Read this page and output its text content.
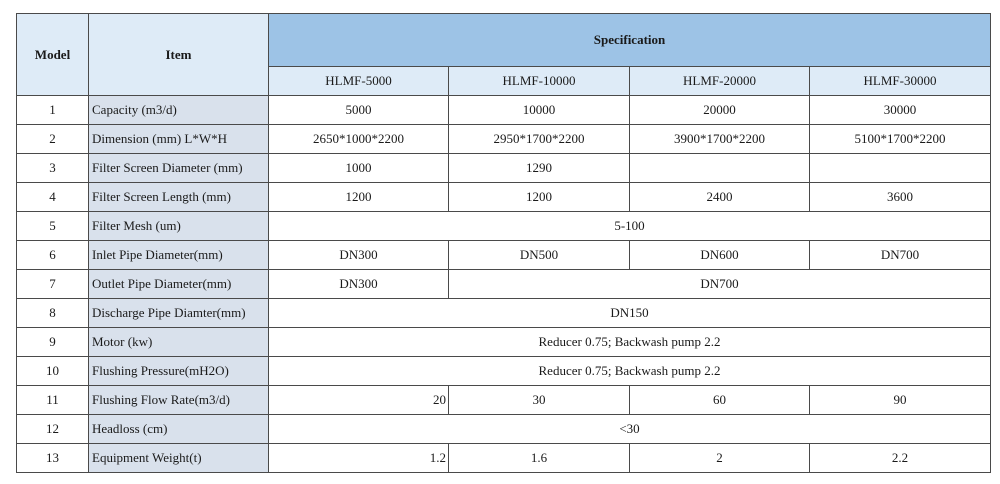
Model	Item	Specification			
		HLMF-5000	HLMF-10000	HLMF-20000	HLMF-30000
1	Capacity (m3/d)	5000	10000	20000	30000
2	Dimension (mm) L*W*H	2650*1000*2200	2950*1700*2200	3900*1700*2200	5100*1700*2200
3	Filter Screen Diameter (mm)	1000	1290		
4	Filter Screen Length (mm)	1200	1200	2400	3600
5	Filter Mesh (um)	5-100			
6	Inlet Pipe Diameter(mm)	DN300	DN500	DN600	DN700
7	Outlet Pipe Diameter(mm)	DN300	DN700		
8	Discharge Pipe Diamter(mm)	DN150			
9	Motor (kw)	Reducer 0.75; Backwash pump 2.2			
10	Flushing Pressure(mH2O)	Reducer 0.75; Backwash pump 2.2			
11	Flushing Flow Rate(m3/d)	20	30	60	90
12	Headloss (cm)	<30			
13	Equipment Weight(t)	1.2	1.6	2	2.2
